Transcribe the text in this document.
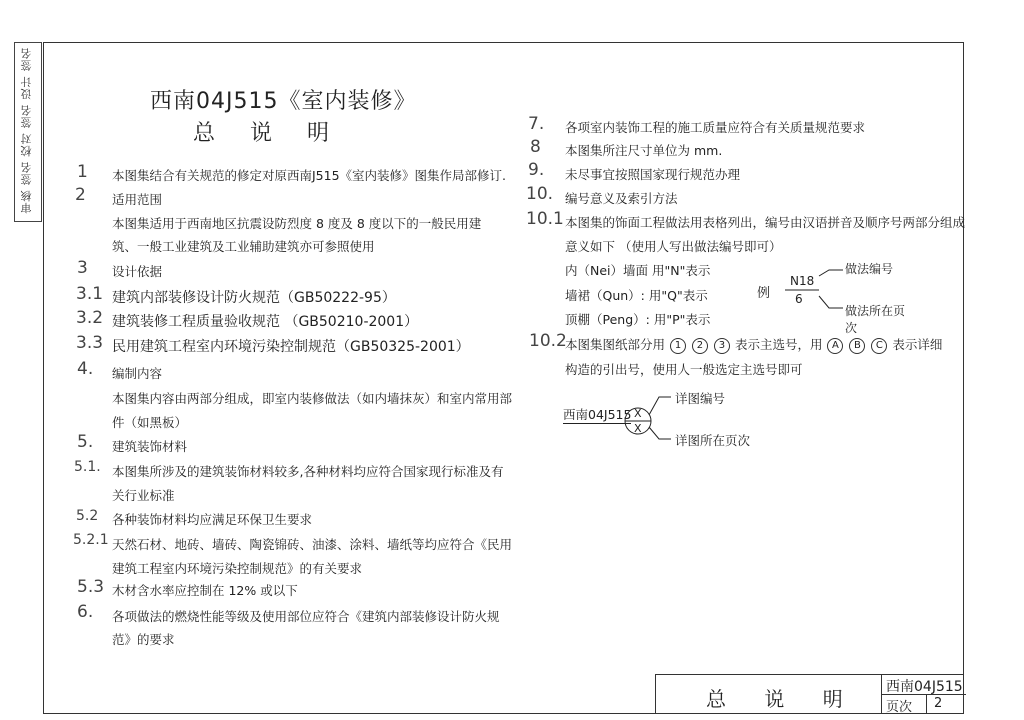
审核 签名 校对 签名 设计 签名	西南04J515《室内装修》
总 说 明
1 本图集结合有关规范的修定对原西南J515《室内装修》图集作局部修订.
2 适用范围
本图集适用于西南地区抗震设防烈度 8 度及 8 度以下的一般民用建
筑、一般工业建筑及工业辅助建筑亦可参照使用
3 设计依据
3.1 建筑内部装修设计防火规范（GB50222-95）
3.2 建筑装修工程质量验收规范 （GB50210-2001）
3.3 民用建筑工程室内环境污染控制规范（GB50325-2001）
4. 编制内容
本图集内容由两部分组成，即室内装修做法（如内墙抹灰）和室内常用部
件（如黑板）
5. 建筑装饰材料
5.1. 本图集所涉及的建筑装饰材料较多,各种材料均应符合国家现行标准及有
关行业标准
5.2 各种装饰材料均应满足环保卫生要求
5.2.1 天然石材、地砖、墙砖、陶瓷锦砖、油漆、涂料、墙纸等均应符合《民用
建筑工程室内环境污染控制规范》的有关要求
5.3 木材含水率应控制在 12% 或以下
6. 各项做法的燃烧性能等级及使用部位应符合《建筑内部装修设计防火规
范》的要求
7. 各项室内装饰工程的施工质量应符合有关质量规范要求
8 本图集所注尺寸单位为 mm.
9. 未尽事宜按照国家现行规范办理
10. 编号意义及索引方法
10.1 本图集的饰面工程做法用表格列出，编号由汉语拼音及顺序号两部分组成
意义如下 （使用人写出做法编号即可）
内（Nei）墙面 用"N"表示
墙裙（Qun）: 用"Q"表示
顶棚（Peng）: 用"P"表示
例
N18
6
做法编号
做法所在页次
10.2
本图集图纸部分用 1 2 3 表示主选号，用 A B C 表示详细
构造的引出号，使用人一般选定主选号即可
西南04J515 X
X
详图编号
详图所在页次
总 说 明 西南04J515
页次 2
